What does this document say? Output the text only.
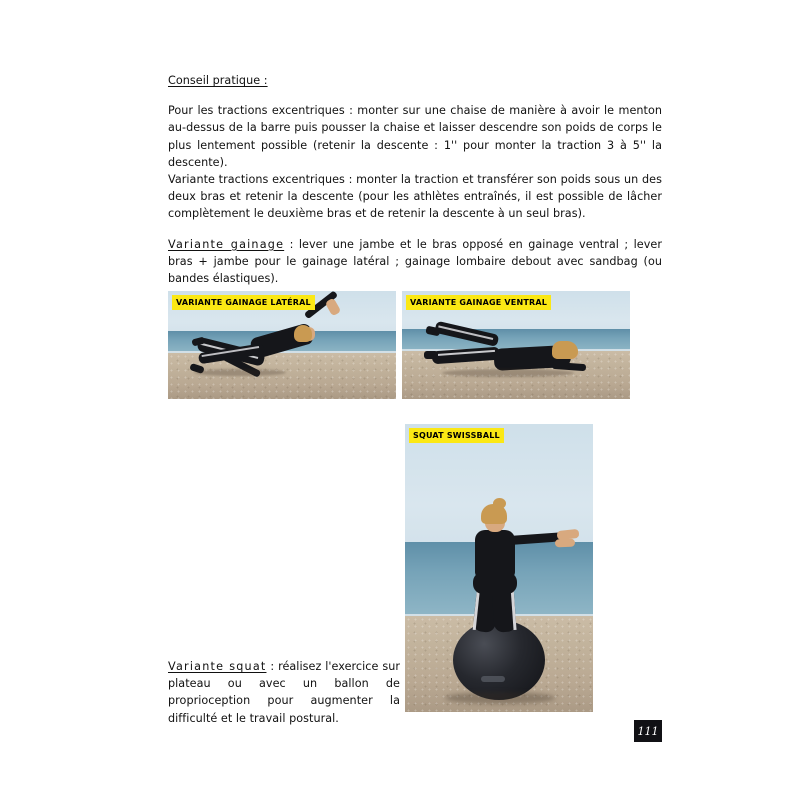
Conseil pratique :

Pour les tractions excentriques : monter sur une chaise de manière à avoir le menton au-dessus de la barre puis pousser la chaise et laisser descendre son poids de corps le plus lentement possible (retenir la descente : 1'' pour monter la traction 3 à 5'' la descente).

Variante tractions excentriques : monter la traction et transférer son poids sous un des deux bras et retenir la descente (pour les athlètes entraînés, il est possible de lâcher complètement le deuxième bras et de retenir la descente à un seul bras).

Variante gainage : lever une jambe et le bras opposé en gainage ventral ; lever bras + jambe pour le gainage latéral ; gainage lombaire debout avec sandbag (ou bandes élastiques).

VARIANTE GAINAGE LATÉRAL	VARIANTE GAINAGE VENTRAL
SQUAT SWISSBALL

Variante squat : réalisez l'exercice sur plateau ou avec un ballon de proprioception pour augmenter la difficulté et le travail postural.

111
